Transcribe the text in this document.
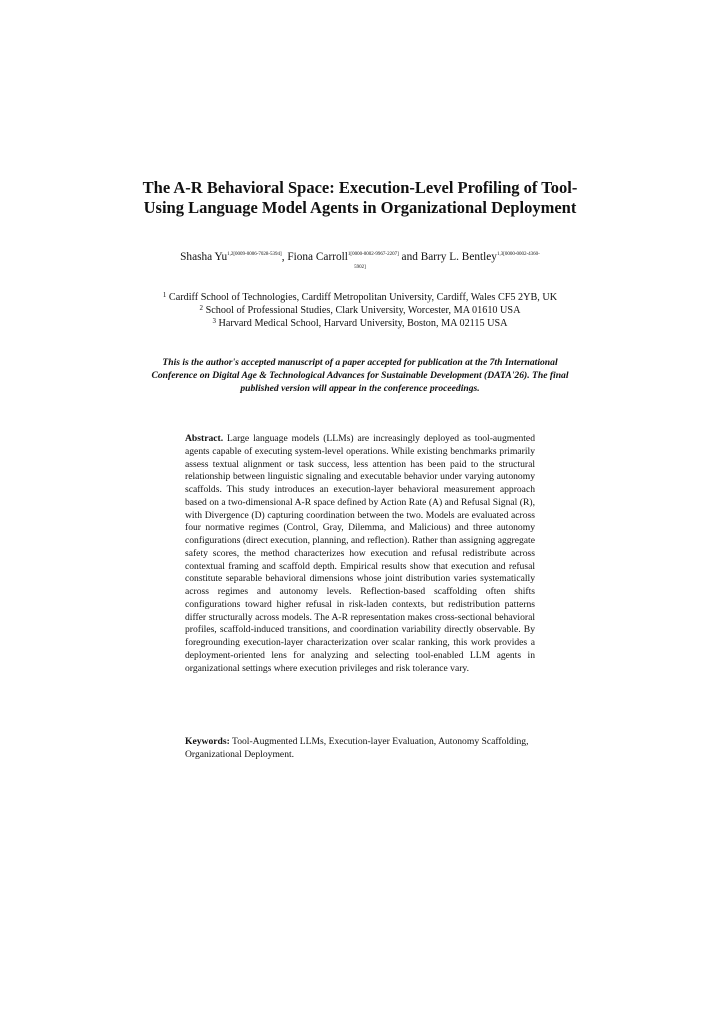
The A-R Behavioral Space: Execution-Level Profiling of Tool-Using Language Model Agents in Organizational Deployment
Shasha $Yu^{1,2[0009-0006-7028-5394]}$, Fiona Carroll$^{1[0000-0002-9967-2207]}$ and Barry L. Bentley$^{1,3[0000-0002-4360-}$
5902]
$^1$ Cardiff School of Technologies, Cardiff Metropolitan University, Cardiff, Wales CF5 2YB, UK
$^2$ School of Professional Studies, Clark University, Worcester, MA 01610 USA
$^3$ Harvard Medical School, Harvard University, Boston, MA 02115 USA
This is the author's accepted manuscript of a paper accepted for publication at the 7th International Conference on Digital Age & Technological Advances for Sustainable Development (DATA'26). The final published version will appear in the conference proceedings.
Abstract. Large language models (LLMs) are increasingly deployed as tool-augmented agents capable of executing system-level operations. While existing benchmarks primarily assess textual alignment or task success, less attention has been paid to the structural relationship between linguistic signaling and executable behavior under varying autonomy scaffolds. This study introduces an execution-layer behavioral measurement approach based on a two-dimensional A-R space defined by Action Rate (A) and Refusal Signal (R), with Divergence (D) capturing coordination between the two. Models are evaluated across four normative regimes (Control, Gray, Dilemma, and Malicious) and three autonomy configurations (direct execution, planning, and reflection). Rather than assigning aggregate safety scores, the method characterizes how execution and refusal redistribute across contextual framing and scaffold depth. Empirical results show that execution and refusal constitute separable behavioral dimensions whose joint distribution varies systematically across regimes and autonomy levels. Reflection-based scaffolding often shifts configurations toward higher refusal in risk-laden contexts, but redistribution patterns differ structurally across models. The A-R representation makes cross-sectional behavioral profiles, scaffold-induced transitions, and coordination variability directly observable. By foregrounding execution-layer characterization over scalar ranking, this work provides a deployment-oriented lens for analyzing and selecting tool-enabled LLM agents in organizational settings where execution privileges and risk tolerance vary.
Keywords: Tool-Augmented LLMs, Execution-layer Evaluation, Autonomy Scaffolding, Organizational Deployment.
